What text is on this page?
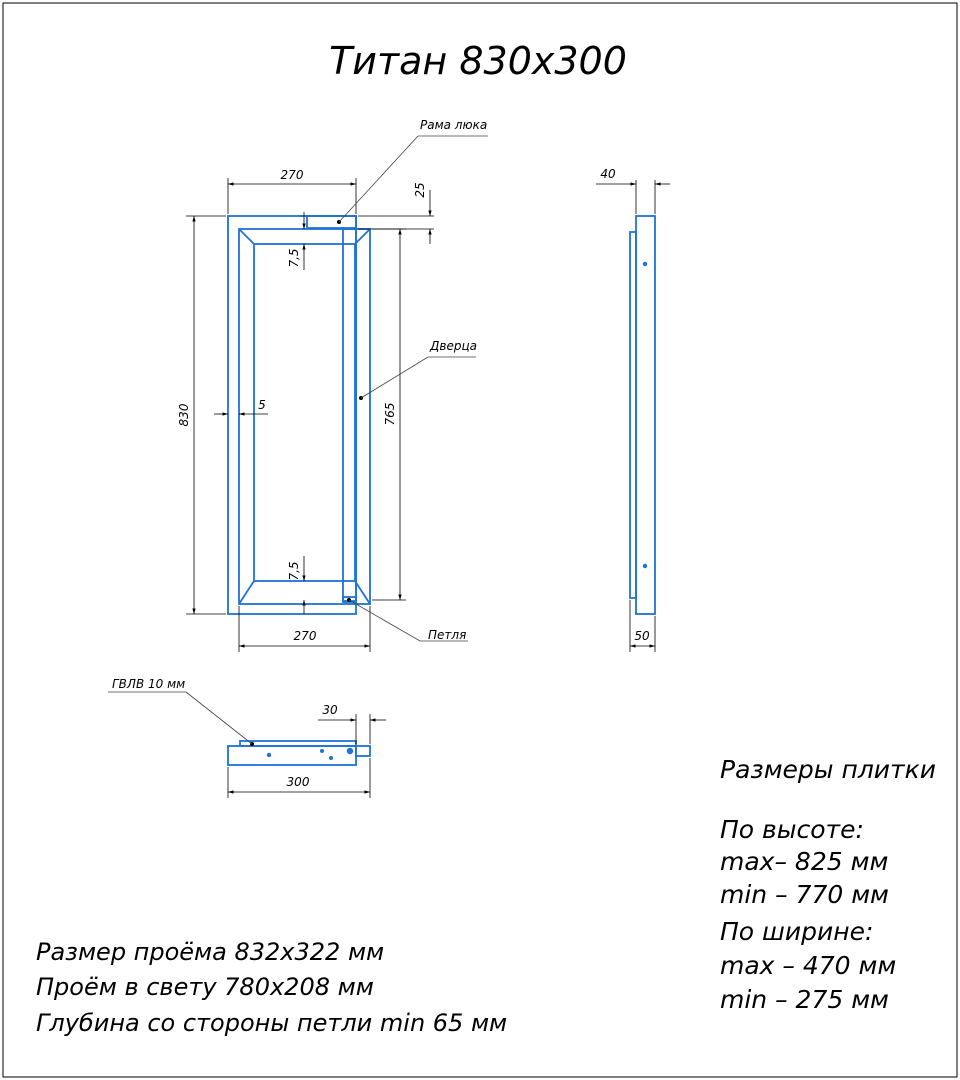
Титан 830х300
270
270
830	765
25
7,5
7,5
5
Рама люка
Дверца
Петля
40
50
300
30
ГВЛВ 10 мм
Размеры плитки
По высоте:
max– 825 мм
min – 770 мм
По ширине:
max – 470 мм
min – 275 мм
Размер проёма 832х322 мм
Проём в свету 780х208 мм
Глубина со стороны петли min 65 мм
